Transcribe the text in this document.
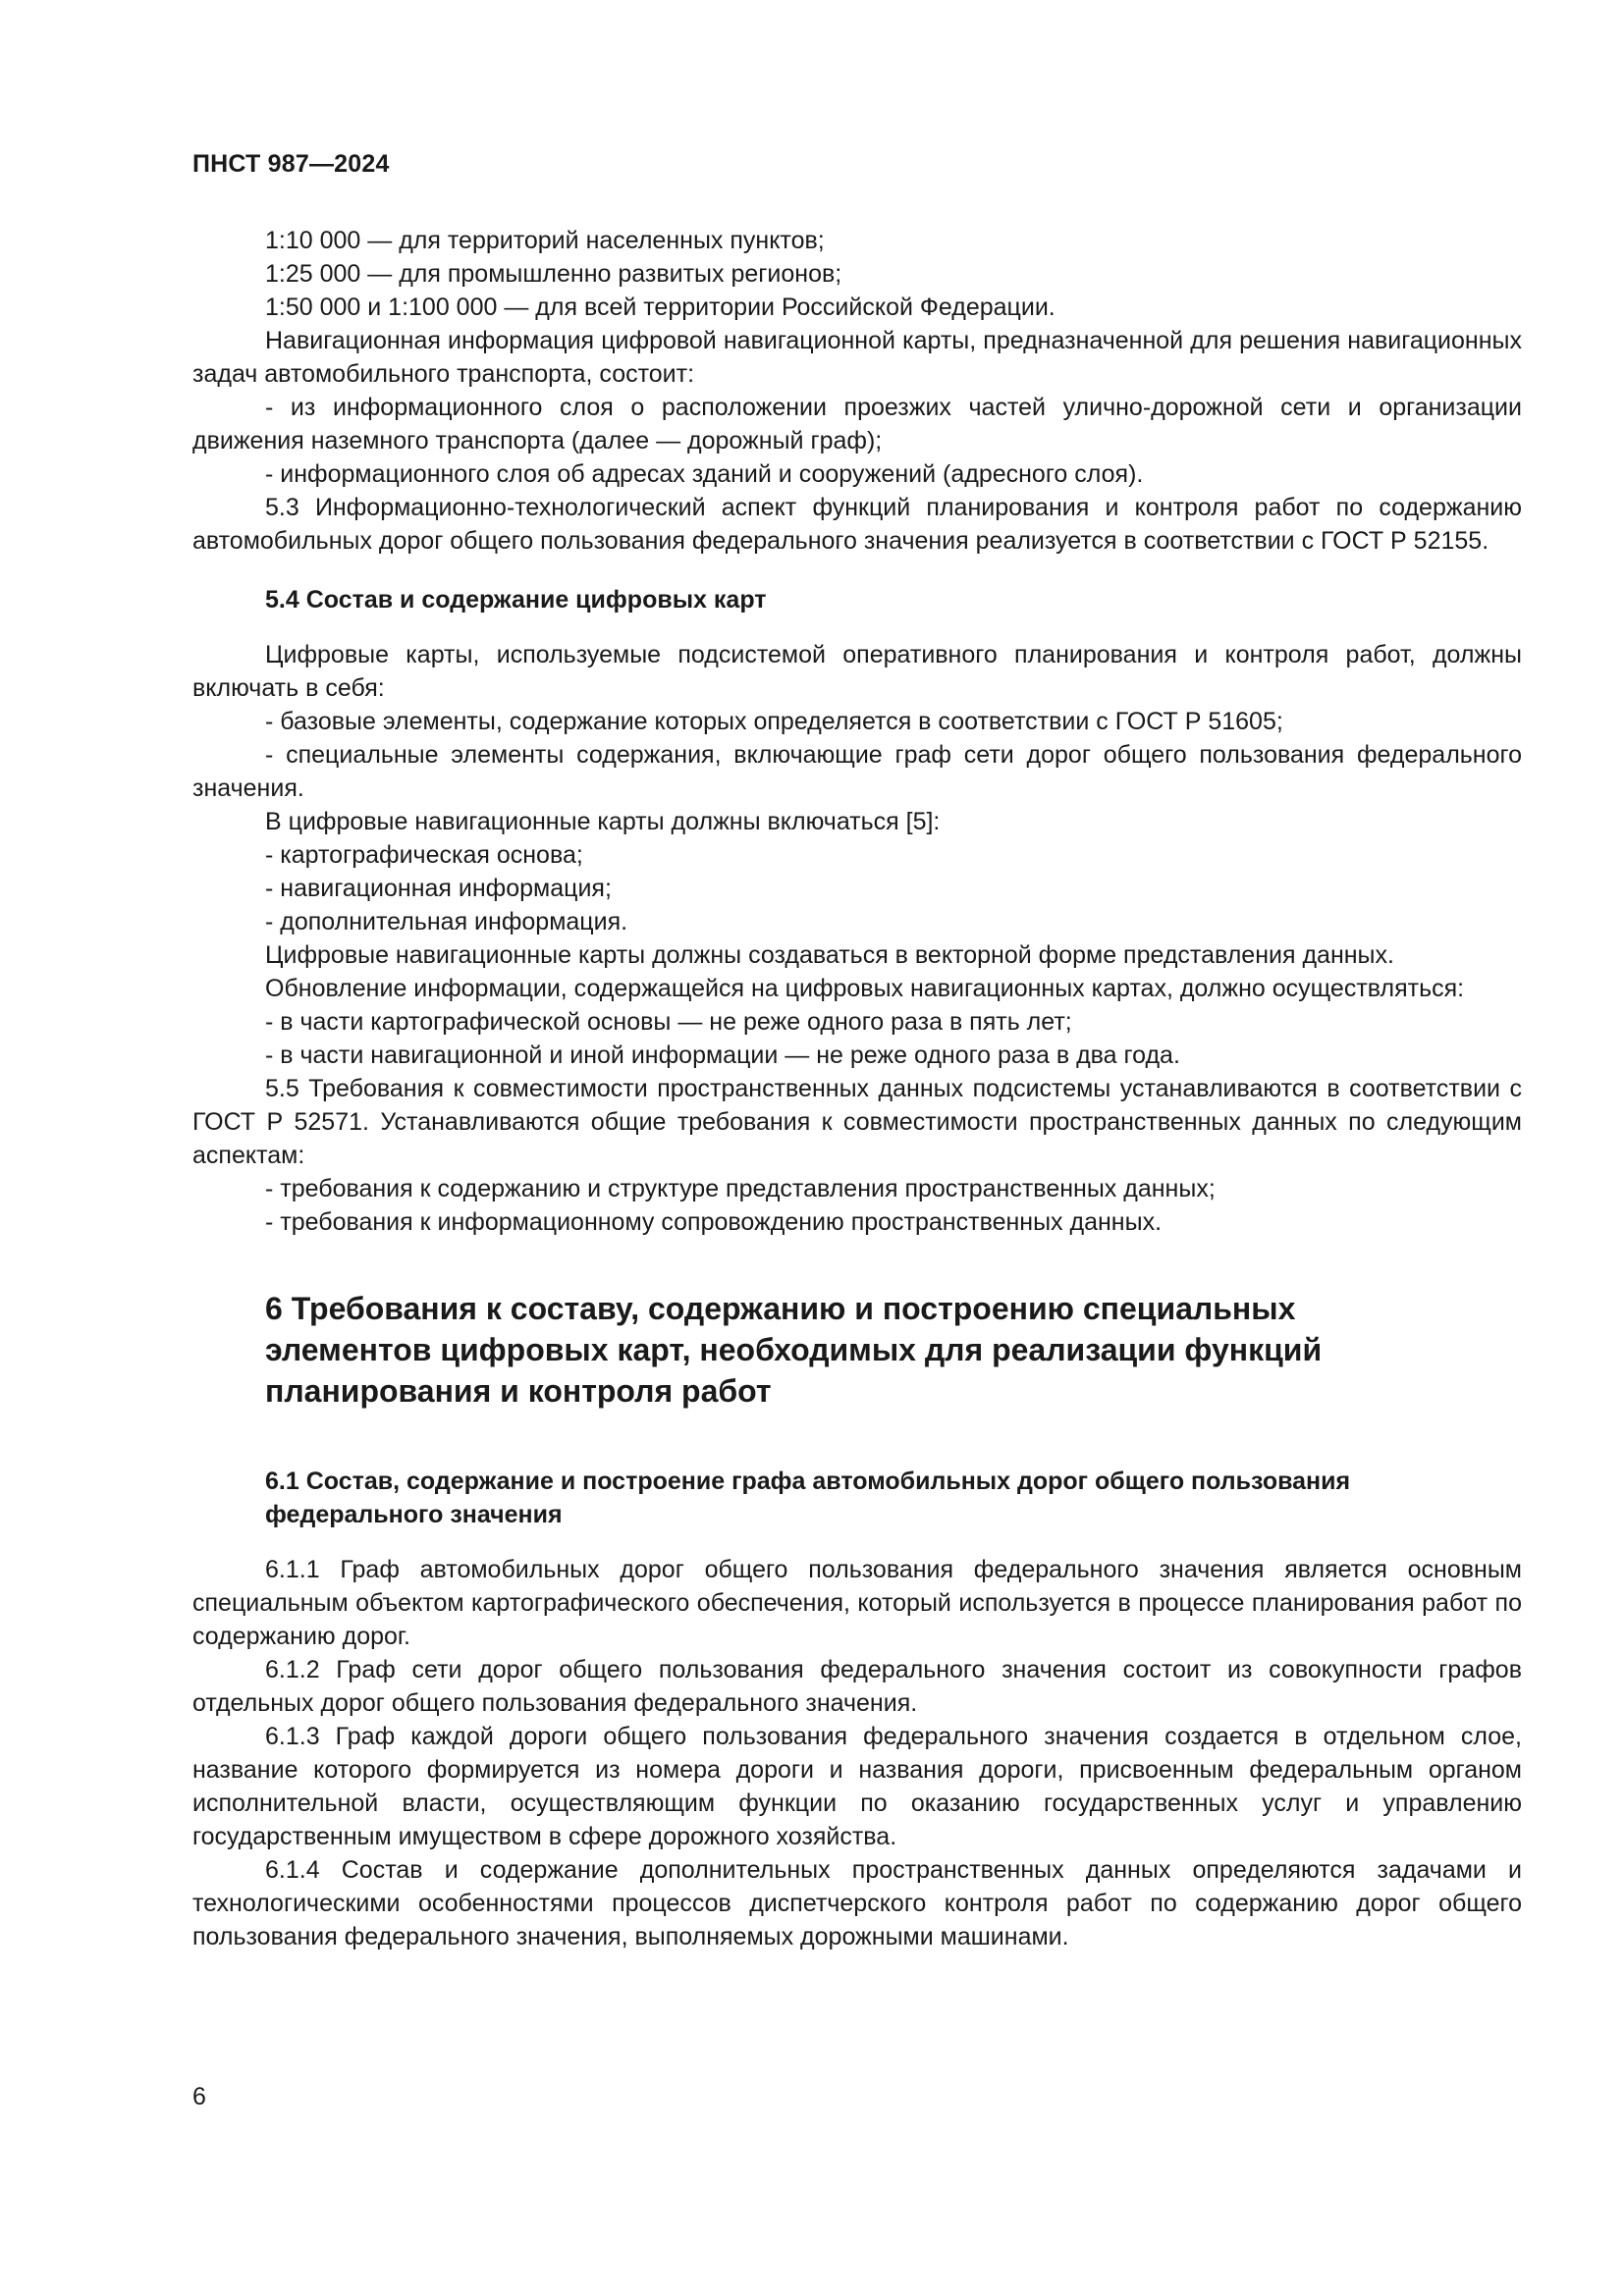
ПНСТ 987—2024

1:10 000 — для территорий населенных пунктов;

1:25 000 — для промышленно развитых регионов;

1:50 000 и 1:100 000 — для всей территории Российской Федерации.

Навигационная информация цифровой навигационной карты, предназначенной для решения навигационных задач автомобильного транспорта, состоит:

- из информационного слоя о расположении проезжих частей улично-дорожной сети и организации движения наземного транспорта (далее — дорожный граф);

- информационного слоя об адресах зданий и сооружений (адресного слоя).

5.3 Информационно-технологический аспект функций планирования и контроля работ по содержанию автомобильных дорог общего пользования федерального значения реализуется в соответствии с ГОСТ Р 52155.

5.4 Состав и содержание цифровых карт

Цифровые карты, используемые подсистемой оперативного планирования и контроля работ, должны включать в себя:

- базовые элементы, содержание которых определяется в соответствии с ГОСТ Р 51605;

- специальные элементы содержания, включающие граф сети дорог общего пользования федерального значения.

В цифровые навигационные карты должны включаться [5]:

- картографическая основа;

- навигационная информация;

- дополнительная информация.

Цифровые навигационные карты должны создаваться в векторной форме представления данных.

Обновление информации, содержащейся на цифровых навигационных картах, должно осуществляться:

- в части картографической основы — не реже одного раза в пять лет;

- в части навигационной и иной информации — не реже одного раза в два года.

5.5 Требования к совместимости пространственных данных подсистемы устанавливаются в соответствии с ГОСТ Р 52571. Устанавливаются общие требования к совместимости пространственных данных по следующим аспектам:

- требования к содержанию и структуре представления пространственных данных;

- требования к информационному сопровождению пространственных данных.

6 Требования к составу, содержанию и построению специальных элементов цифровых карт, необходимых для реализации функций планирования и контроля работ

6.1 Состав, содержание и построение графа автомобильных дорог общего пользования федерального значения

6.1.1 Граф автомобильных дорог общего пользования федерального значения является основным специальным объектом картографического обеспечения, который используется в процессе планирования работ по содержанию дорог.

6.1.2 Граф сети дорог общего пользования федерального значения состоит из совокупности графов отдельных дорог общего пользования федерального значения.

6.1.3 Граф каждой дороги общего пользования федерального значения создается в отдельном слое, название которого формируется из номера дороги и названия дороги, присвоенным федеральным органом исполнительной власти, осуществляющим функции по оказанию государственных услуг и управлению государственным имуществом в сфере дорожного хозяйства.

6.1.4 Состав и содержание дополнительных пространственных данных определяются задачами и технологическими особенностями процессов диспетчерского контроля работ по содержанию дорог общего пользования федерального значения, выполняемых дорожными машинами.

6
